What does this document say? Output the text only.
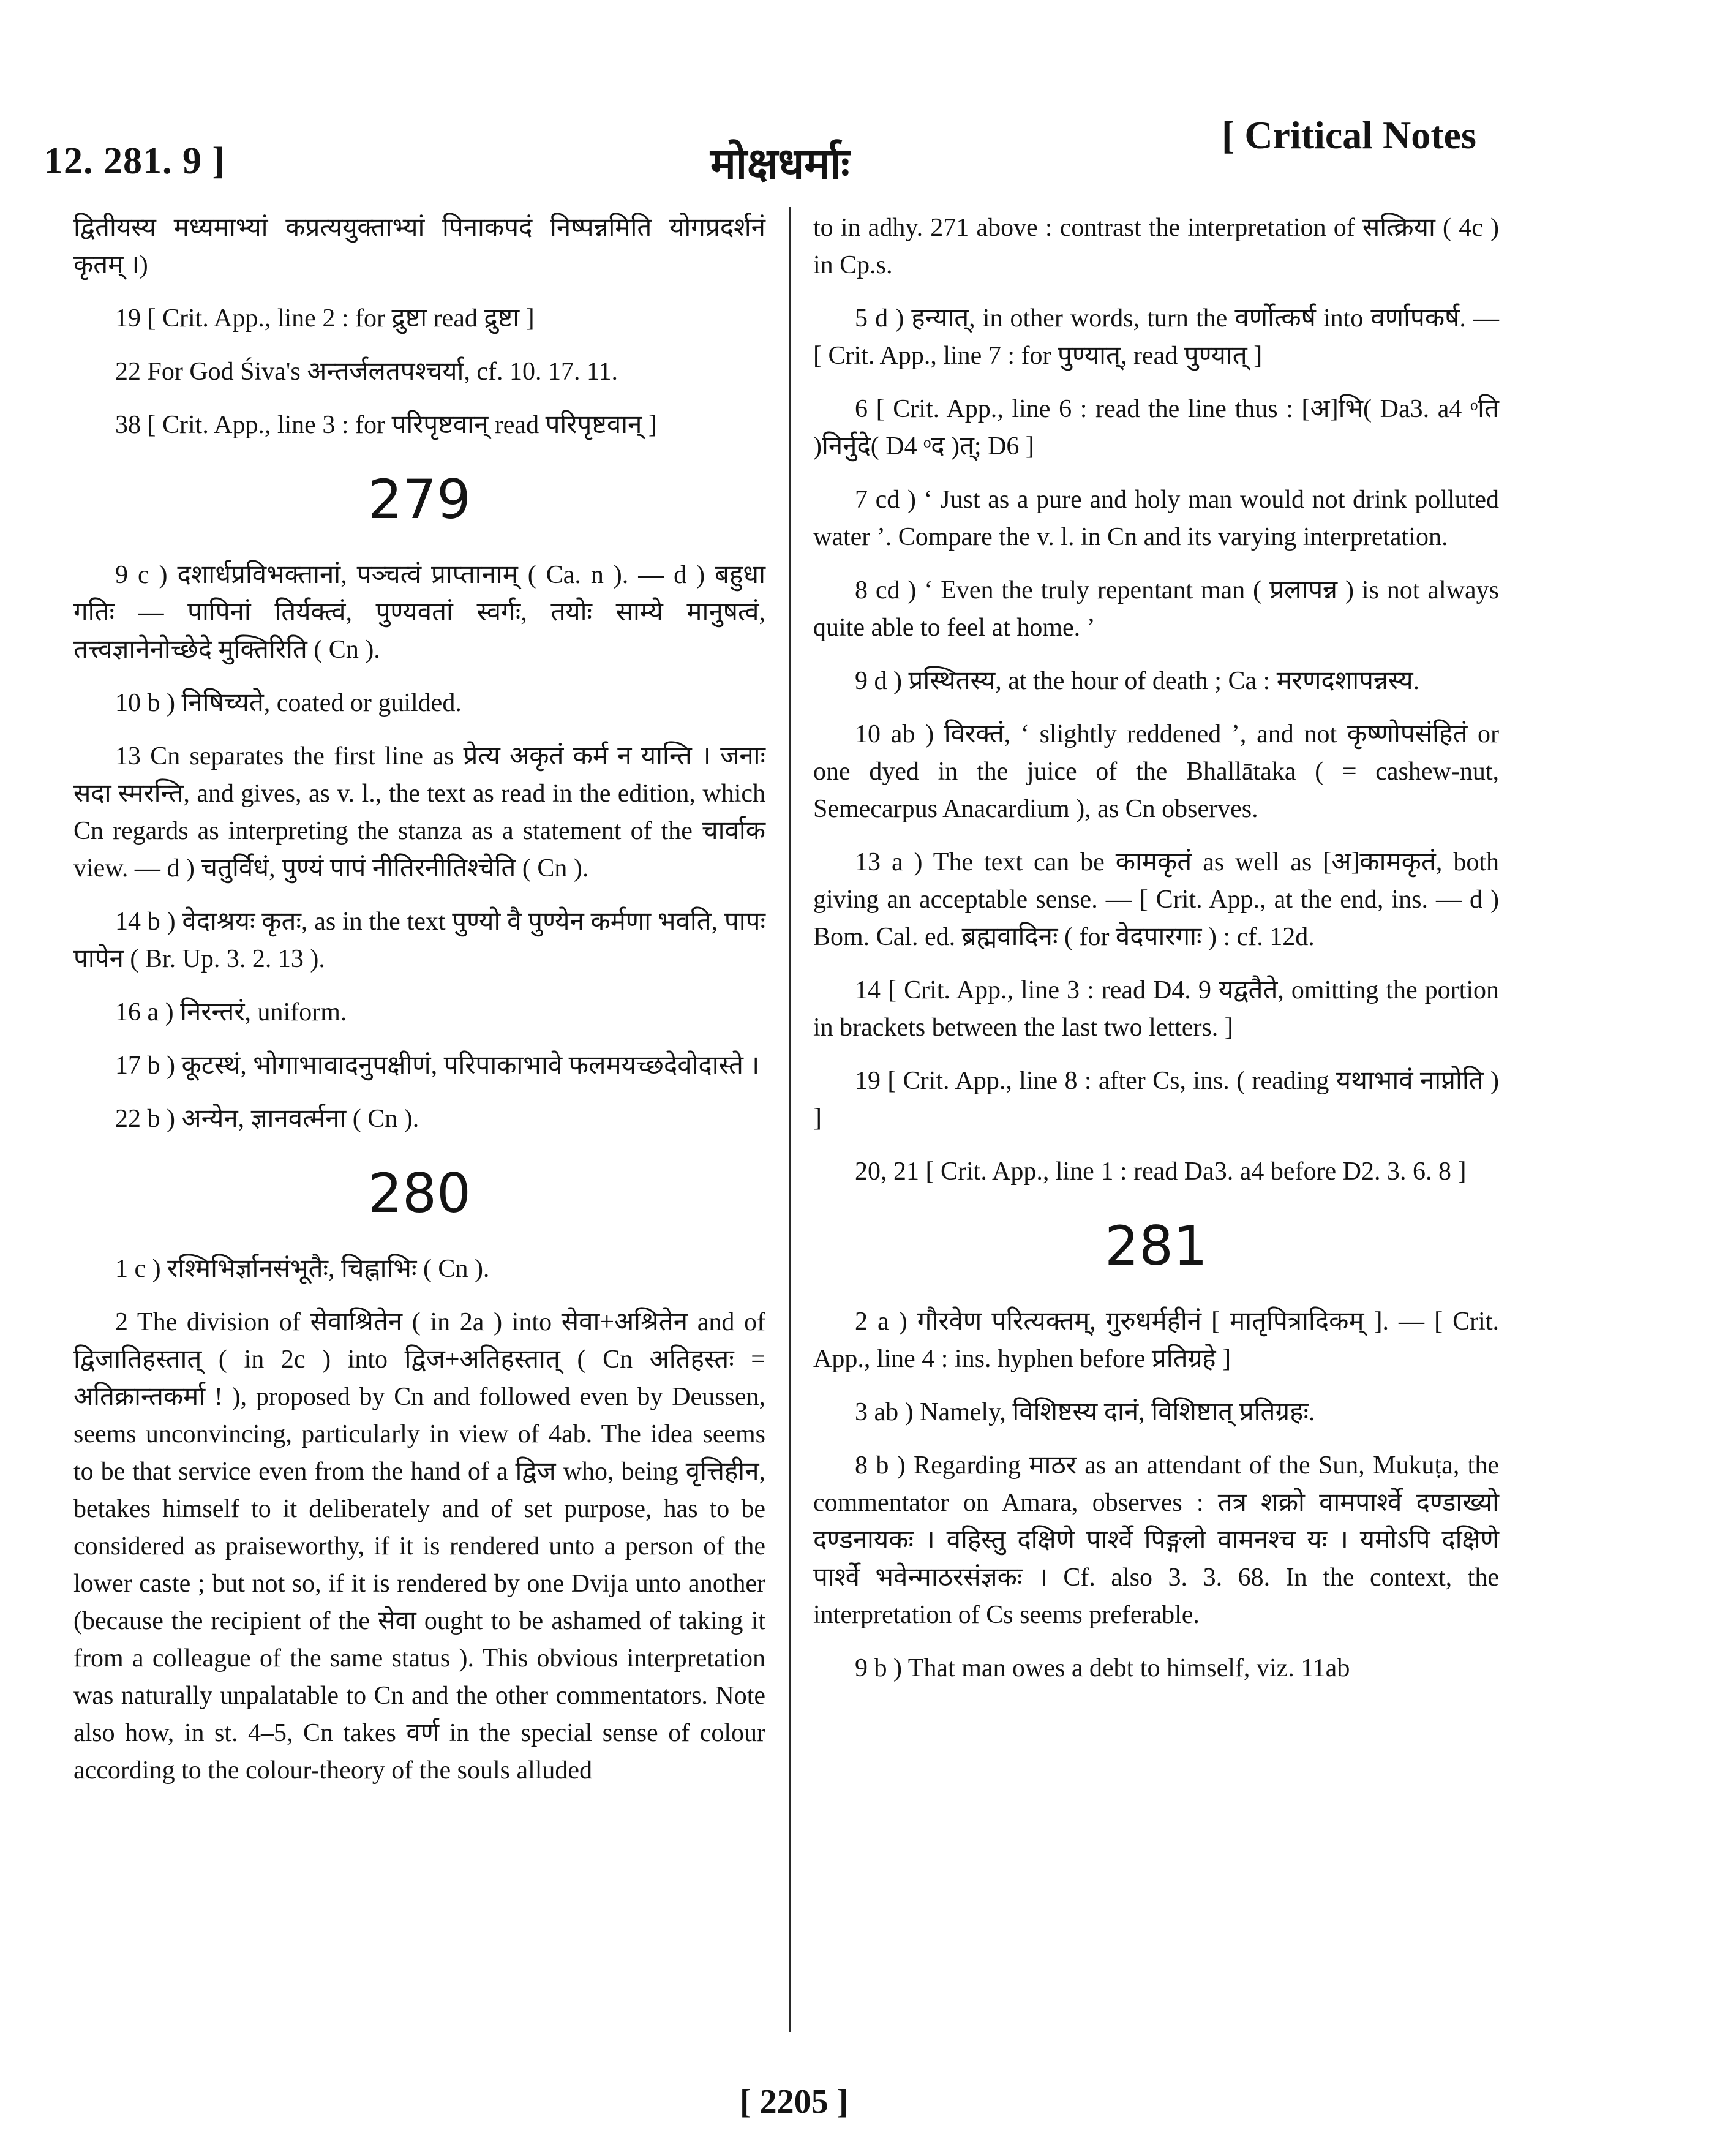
12. 281. 9 ]	मोक्षधर्माः
[ Critical Notes
द्वितीयस्य मध्यमाभ्यां कप्रत्ययुक्ताभ्यां पिनाकपदं निष्पन्नमिति योगप्रदर्शनं कृतम् ।)
19 [ Crit. App., line 2 : for द्रुष्टा read द्रुष्टा ]
22 For God Śiva's अन्तर्जलतपश्चर्या, cf. 10. 17. 11.
38 [ Crit. App., line 3 : for परिपृष्टवान् read परिपृष्टवान् ]
279
9 c ) दशार्धप्रविभक्तानां, पञ्चत्वं प्राप्तानाम् ( Ca. n ). — d ) बहुधा गतिः — पापिनां तिर्यक्त्वं, पुण्यवतां स्वर्गः, तयोः साम्ये मानुषत्वं, तत्त्वज्ञानेनोच्छेदे मुक्तिरिति ( Cn ).
10 b ) निषिच्यते, coated or guilded.
13 Cn separates the first line as प्रेत्य अकृतं कर्म न यान्ति । जनाः सदा स्मरन्ति, and gives, as v. l., the text as read in the edition, which Cn regards as interpreting the stanza as a statement of the चार्वाक view. — d ) चतुर्विधं, पुण्यं पापं नीतिरनीतिश्चेति ( Cn ).
14 b ) वेदाश्रयः कृतः, as in the text पुण्यो वै पुण्येन कर्मणा भवति, पापः पापेन ( Br. Up. 3. 2. 13 ).
16 a ) निरन्तरं, uniform.
17 b ) कूटस्थं, भोगाभावादनुपक्षीणं, परिपाकाभावे फलमयच्छदेवोदास्ते ।
22 b ) अन्येन, ज्ञानवर्त्मना ( Cn ).
280
1 c ) रश्मिभिर्ज्ञानसंभूतैः, चिह्नाभिः ( Cn ).
2 The division of सेवाश्रितेन ( in 2a ) into सेवा+अश्रितेन and of द्विजातिहस्तात् ( in 2c ) into द्विज+अतिहस्तात् ( Cn अतिहस्तः = अतिक्रान्तकर्मा ! ), proposed by Cn and followed even by Deussen, seems unconvincing, particularly in view of 4ab. The idea seems to be that service even from the hand of a द्विज who, being वृत्तिहीन, betakes himself to it deliberately and of set purpose, has to be considered as praiseworthy, if it is rendered unto a person of the lower caste ; but not so, if it is rendered by one Dvija unto another (because the recipient of the सेवा ought to be ashamed of taking it from a colleague of the same status ). This obvious interpretation was naturally unpalatable to Cn and the other commentators. Note also how, in st. 4–5, Cn takes वर्ण in the special sense of colour according to the colour-theory of the souls alluded
to in adhy. 271 above : contrast the interpretation of सत्क्रिया ( 4c ) in Cp.s.
5 d ) हन्यात्, in other words, turn the वर्णोत्कर्ष into वर्णापकर्ष. — [ Crit. App., line 7 : for पुण्यात्, read पुण्यात् ]
6 [ Crit. App., line 6 : read the line thus : [अ]भि( Da3. a4 ᵒति )निर्नुदे( D4 ᵒद )त्; D6 ]
7 cd ) ‘ Just as a pure and holy man would not drink polluted water ’. Compare the v. l. in Cn and its varying interpretation.
8 cd ) ‘ Even the truly repentant man ( प्रलापन्न ) is not always quite able to feel at home. ’
9 d ) प्रस्थितस्य, at the hour of death ; Ca : मरणदशापन्नस्य.
10 ab ) विरक्तं, ‘ slightly reddened ’, and not कृष्णोपसंहितं or one dyed in the juice of the Bhallātaka ( = cashew-nut, Semecarpus Anacardium ), as Cn observes.
13 a ) The text can be कामकृतं as well as [अ]कामकृतं, both giving an acceptable sense. — [ Crit. App., at the end, ins. — d ) Bom. Cal. ed. ब्रह्मवादिनः ( for वेदपारगाः ) : cf. 12d.
14 [ Crit. App., line 3 : read D4. 9 यद्वतैते, omitting the portion in brackets between the last two letters. ]
19 [ Crit. App., line 8 : after Cs, ins. ( reading यथाभावं नाप्नोति ) ]
20, 21 [ Crit. App., line 1 : read Da3. a4 before D2. 3. 6. 8 ]
281
2 a ) गौरवेण परित्यक्तम्, गुरुधर्महीनं [ मातृपित्रादिकम् ]. — [ Crit. App., line 4 : ins. hyphen before प्रतिग्रहे ]
3 ab ) Namely, विशिष्टस्य दानं, विशिष्टात् प्रतिग्रहः.
8 b ) Regarding माठर as an attendant of the Sun, Mukuṭa, the commentator on Amara, observes : तत्र शक्रो वामपार्श्वे दण्डाख्यो दण्डनायकः । वहिस्तु दक्षिणे पार्श्वे पिङ्गलो वामनश्च यः । यमोऽपि दक्षिणे पार्श्वे भवेन्माठरसंज्ञकः । Cf. also 3. 3. 68. In the context, the interpretation of Cs seems preferable.
9 b ) That man owes a debt to himself, viz. 11ab
[ 2205 ]
